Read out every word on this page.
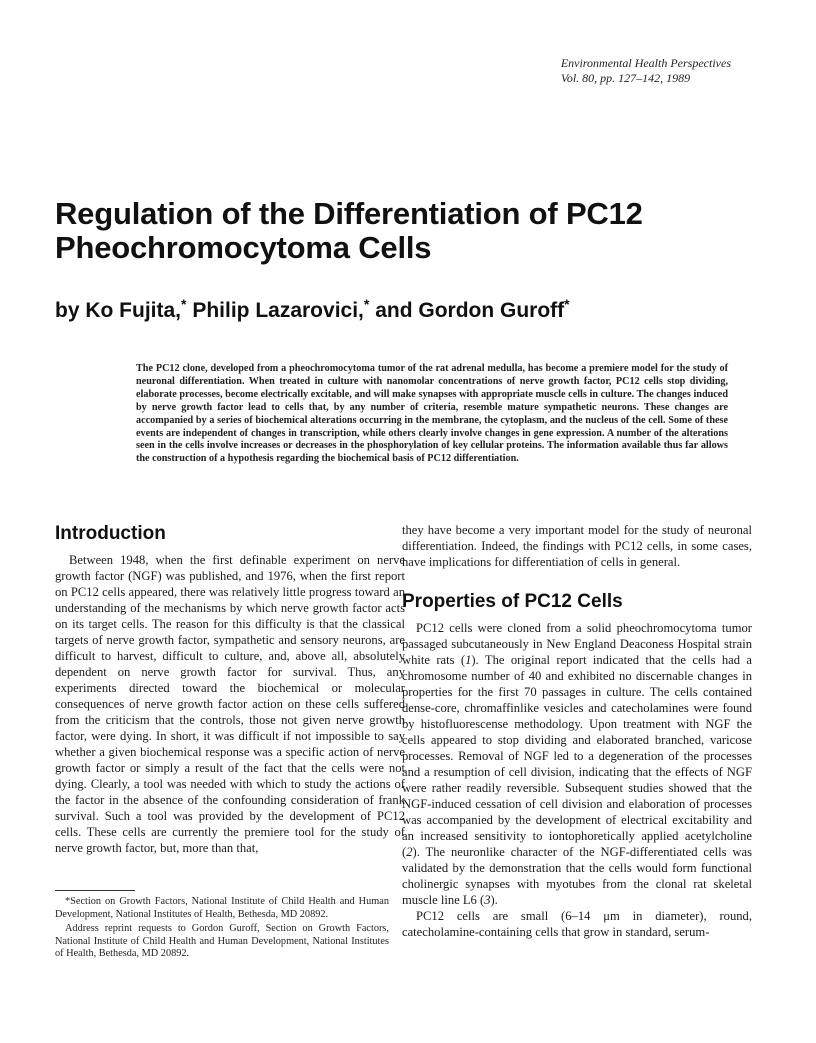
Environmental Health Perspectives
Vol. 80, pp. 127–142, 1989
Regulation of the Differentiation of PC12 Pheochromocytoma Cells
by Ko Fujita,* Philip Lazarovici,* and Gordon Guroff*

The PC12 clone, developed from a pheochromocytoma tumor of the rat adrenal medulla, has become a premiere model for the study of neuronal differentiation. When treated in culture with nanomolar concentrations of nerve growth factor, PC12 cells stop dividing, elaborate processes, become electrically excitable, and will make synapses with appropriate muscle cells in culture. The changes induced by nerve growth factor lead to cells that, by any number of criteria, resemble mature sympathetic neurons. These changes are accompanied by a series of biochemical alterations occurring in the membrane, the cytoplasm, and the nucleus of the cell. Some of these events are independent of changes in transcription, while others clearly involve changes in gene expression. A number of the alterations seen in the cells involve increases or decreases in the phosphorylation of key cellular proteins. The information available thus far allows the construction of a hypothesis regarding the biochemical basis of PC12 differentiation.

Introduction

Between 1948, when the first definable experiment on nerve growth factor (NGF) was published, and 1976, when the first report on PC12 cells appeared, there was relatively little progress toward an understanding of the mechanisms by which nerve growth factor acts on its target cells. The reason for this difficulty is that the classical targets of nerve growth factor, sympathetic and sensory neurons, are difficult to harvest, difficult to culture, and, above all, absolutely dependent on nerve growth factor for survival. Thus, any experiments directed toward the biochemical or molecular consequences of nerve growth factor action on these cells suffered from the criticism that the controls, those not given nerve growth factor, were dying. In short, it was difficult if not impossible to say whether a given biochemical response was a specific action of nerve growth factor or simply a result of the fact that the cells were not dying. Clearly, a tool was needed with which to study the actions of the factor in the absence of the confounding consideration of frank survival. Such a tool was provided by the development of PC12 cells. These cells are currently the premiere tool for the study of nerve growth factor, but, more than that,

*Section on Growth Factors, National Institute of Child Health and Human Development, National Institutes of Health, Bethesda, MD 20892.

Address reprint requests to Gordon Guroff, Section on Growth Factors, National Institute of Child Health and Human Development, National Institutes of Health, Bethesda, MD 20892.

they have become a very important model for the study of neuronal differentiation. Indeed, the findings with PC12 cells, in some cases, have implications for differentiation of cells in general.

Properties of PC12 Cells

PC12 cells were cloned from a solid pheochromocytoma tumor passaged subcutaneously in New England Deaconess Hospital strain white rats (1). The original report indicated that the cells had a chromosome number of 40 and exhibited no discernable changes in properties for the first 70 passages in culture. The cells contained dense-core, chromaffinlike vesicles and catecholamines were found by histofluorescense methodology. Upon treatment with NGF the cells appeared to stop dividing and elaborated branched, varicose processes. Removal of NGF led to a degeneration of the processes and a resumption of cell division, indicating that the effects of NGF were rather readily reversible. Subsequent studies showed that the NGF-induced cessation of cell division and elaboration of processes was accompanied by the development of electrical excitability and an increased sensitivity to iontophoretically applied acetylcholine (2). The neuronlike character of the NGF-differentiated cells was validated by the demonstration that the cells would form functional cholinergic synapses with myotubes from the clonal rat skeletal muscle line L6 (3).

PC12 cells are small (6–14 μm in diameter), round, catecholamine-containing cells that grow in standard, serum-
